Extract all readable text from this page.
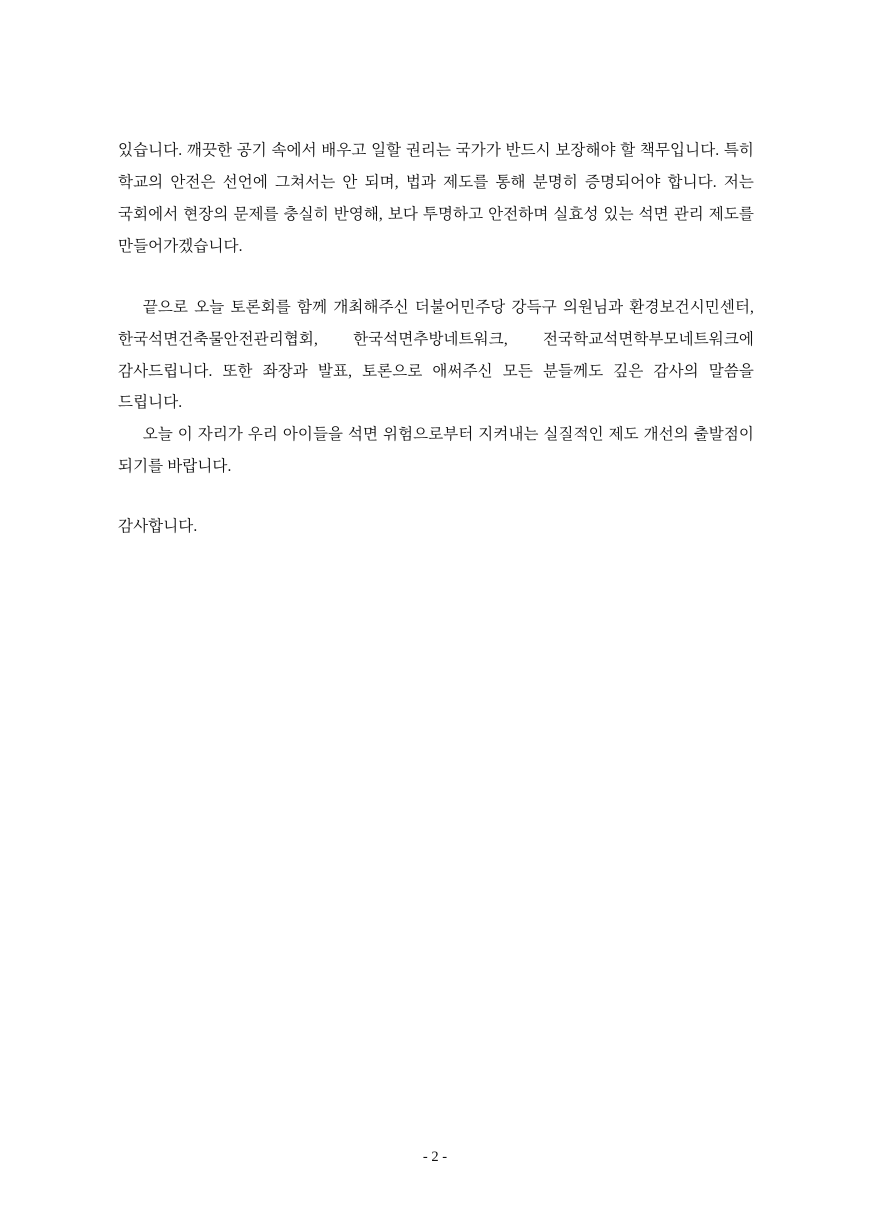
있습니다. 깨끗한 공기 속에서 배우고 일할 권리는 국가가 반드시 보장해야 할 책무입니다. 특히 학교의 안전은 선언에 그쳐서는 안 되며, 법과 제도를 통해 분명히 증명되어야 합니다. 저는 국회에서 현장의 문제를 충실히 반영해, 보다 투명하고 안전하며 실효성 있는 석면 관리 제도를 만들어가겠습니다.

끝으로 오늘 토론회를 함께 개최해주신 더불어민주당 강득구 의원님과 환경보건시민센터, 한국석면건축물안전관리협회, 한국석면추방네트워크, 전국학교석면학부모네트워크에 감사드립니다. 또한 좌장과 발표, 토론으로 애써주신 모든 분들께도 깊은 감사의 말씀을 드립니다.

오늘 이 자리가 우리 아이들을 석면 위험으로부터 지켜내는 실질적인 제도 개선의 출발점이 되기를 바랍니다.

감사합니다.

- 2 -
